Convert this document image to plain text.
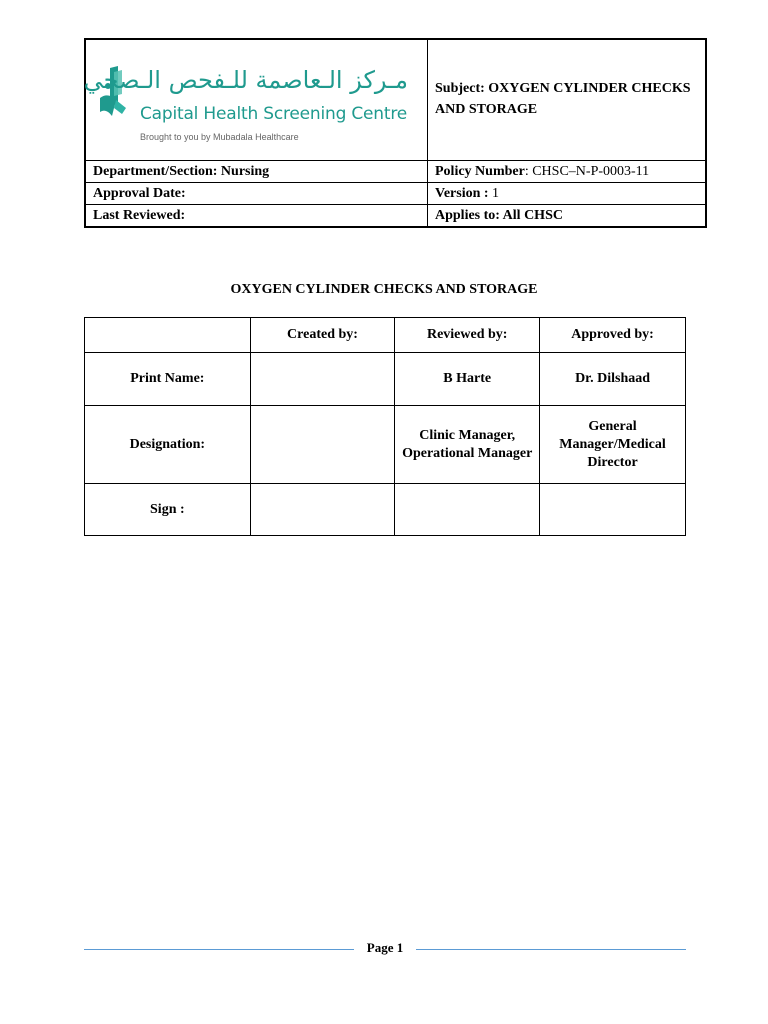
مـركز الـعاصمة للـفحص الـصحي
Capital Health Screening Centre
Brought to you by Mubadala Healthcare	Subject: OXYGEN CYLINDER CHECKS AND STORAGE
Department/Section: Nursing	Policy Number: CHSC–N-P-0003-11
Approval Date:	Version : 1
Last Reviewed:	Applies to: All CHSC
OXYGEN CYLINDER CHECKS AND STORAGE
	Created by:	Reviewed by:	Approved by:
Print Name:		B Harte	Dr. Dilshaad
Designation:		Clinic Manager, Operational Manager	General Manager/Medical Director
Sign :			
Page 1
